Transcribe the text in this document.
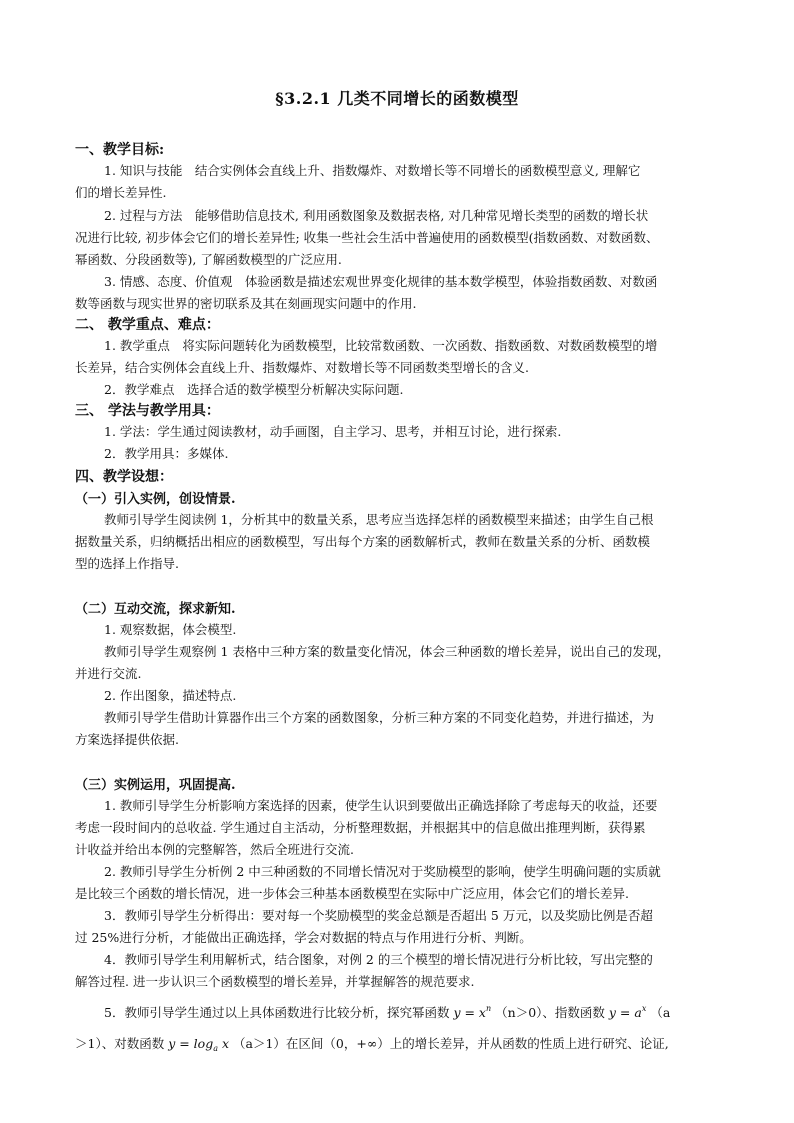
§3.2.1 几类不同增长的函数模型
一、教学目标:
1. 知识与技能　结合实例体会直线上升、指数爆炸、对数增长等不同增长的函数模型意义, 理解它
们的增长差异性.
2. 过程与方法　能够借助信息技术, 利用函数图象及数据表格, 对几种常见增长类型的函数的增长状
况进行比较, 初步体会它们的增长差异性; 收集一些社会生活中普遍使用的函数模型(指数函数、对数函数、
幂函数、分段函数等), 了解函数模型的广泛应用.
3. 情感、态度、价值观　体验函数是描述宏观世界变化规律的基本数学模型，体验指数函数、对数函
数等函数与现实世界的密切联系及其在刻画现实问题中的作用.
二、 教学重点、难点：
1. 教学重点　将实际问题转化为函数模型，比较常数函数、一次函数、指数函数、对数函数模型的增
长差异，结合实例体会直线上升、指数爆炸、对数增长等不同函数类型增长的含义.
2．教学难点　选择合适的数学模型分析解决实际问题.
三、 学法与教学用具：
1. 学法：学生通过阅读教材，动手画图，自主学习、思考，并相互讨论，进行探索.
2．教学用具：多媒体.
四、教学设想：
（一）引入实例，创设情景.
教师引导学生阅读例 1，分析其中的数量关系，思考应当选择怎样的函数模型来描述；由学生自己根
据数量关系，归纳概括出相应的函数模型，写出每个方案的函数解析式，教师在数量关系的分析、函数模
型的选择上作指导.
（二）互动交流，探求新知.
1. 观察数据，体会模型.
教师引导学生观察例 1 表格中三种方案的数量变化情况，体会三种函数的增长差异，说出自己的发现，
并进行交流.
2. 作出图象，描述特点.
教师引导学生借助计算器作出三个方案的函数图象，分析三种方案的不同变化趋势，并进行描述，为
方案选择提供依据.
（三）实例运用，巩固提高.
1. 教师引导学生分析影响方案选择的因素，使学生认识到要做出正确选择除了考虑每天的收益，还要
考虑一段时间内的总收益. 学生通过自主活动，分析整理数据，并根据其中的信息做出推理判断，获得累
计收益并给出本例的完整解答，然后全班进行交流.
2. 教师引导学生分析例 2 中三种函数的不同增长情况对于奖励模型的影响，使学生明确问题的实质就
是比较三个函数的增长情况，进一步体会三种基本函数模型在实际中广泛应用，体会它们的增长差异.
3．教师引导学生分析得出：要对每一个奖励模型的奖金总额是否超出 5 万元，以及奖励比例是否超
过 25%进行分析，才能做出正确选择，学会对数据的特点与作用进行分析、判断。
4．教师引导学生利用解析式，结合图象，对例 2 的三个模型的增长情况进行分析比较，写出完整的
解答过程. 进一步认识三个函数模型的增长差异，并掌握解答的规范要求.
5．教师引导学生通过以上具体函数进行比较分析，探究幂函数 $y = x^n$ （n＞0）、指数函数 $y = a^x$ （a
＞1）、对数函数 $y = \log_a x$ （a＞1）在区间（0，+∞）上的增长差异，并从函数的性质上进行研究、论证,
